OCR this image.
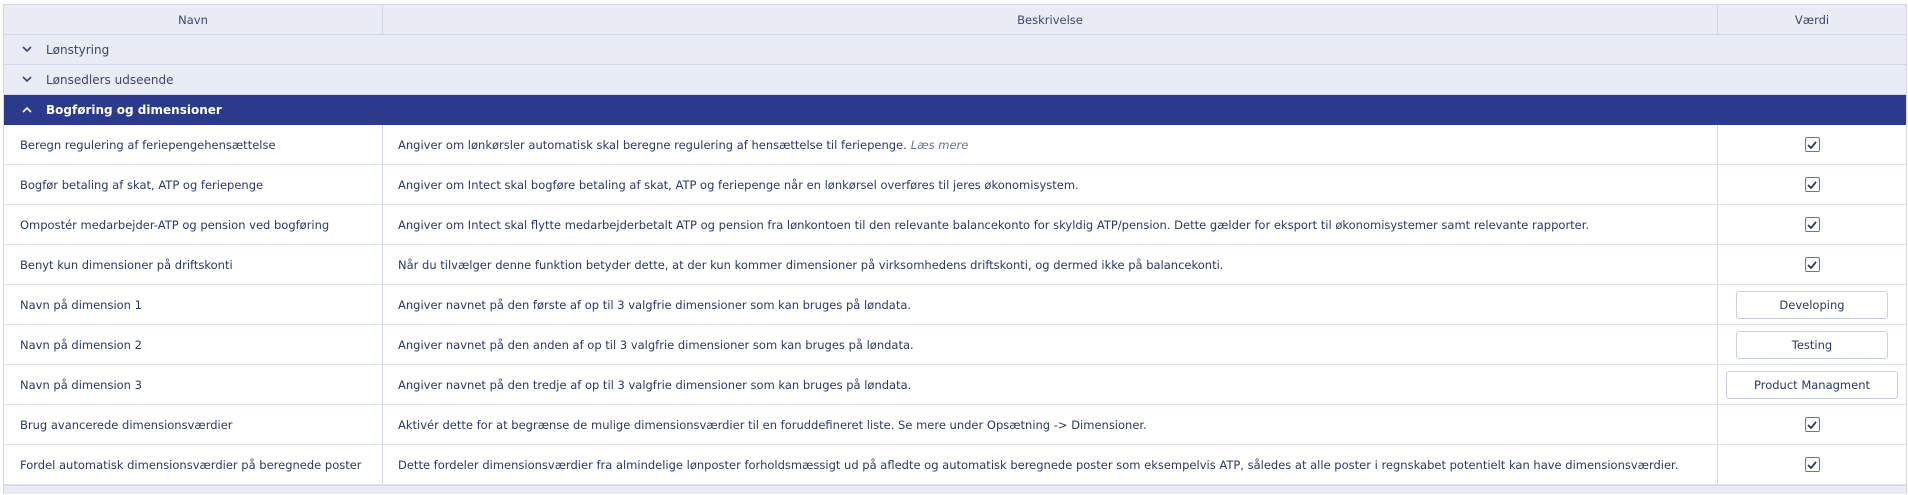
Navn	Beskrivelse	Værdi
Lønstyring
Lønsedlers udseende
Bogføring og dimensioner
Beregn regulering af feriepengehensættelse	Angiver om lønkørsler automatisk skal beregne regulering af hensættelse til feriepenge. Læs mere
Bogfør betaling af skat, ATP og feriepenge	Angiver om Intect skal bogføre betaling af skat, ATP og feriepenge når en lønkørsel overføres til jeres økonomisystem.
Ompostér medarbejder-ATP og pension ved bogføring	Angiver om Intect skal flytte medarbejderbetalt ATP og pension fra lønkontoen til den relevante balancekonto for skyldig ATP/pension. Dette gælder for eksport til økonomisystemer samt relevante rapporter.
Benyt kun dimensioner på driftskonti	Når du tilvælger denne funktion betyder dette, at der kun kommer dimensioner på virksomhedens driftskonti, og dermed ikke på balancekonti.
Navn på dimension 1	Angiver navnet på den første af op til 3 valgfrie dimensioner som kan bruges på løndata.	Developing
Navn på dimension 2	Angiver navnet på den anden af op til 3 valgfrie dimensioner som kan bruges på løndata.	Testing
Navn på dimension 3	Angiver navnet på den tredje af op til 3 valgfrie dimensioner som kan bruges på løndata.	Product Managment
Brug avancerede dimensionsværdier	Aktivér dette for at begrænse de mulige dimensionsværdier til en foruddefineret liste. Se mere under Opsætning -> Dimensioner.
Fordel automatisk dimensionsværdier på beregnede poster	Dette fordeler dimensionsværdier fra almindelige lønposter forholdsmæssigt ud på afledte og automatisk beregnede poster som eksempelvis ATP, således at alle poster i regnskabet potentielt kan have dimensionsværdier.
